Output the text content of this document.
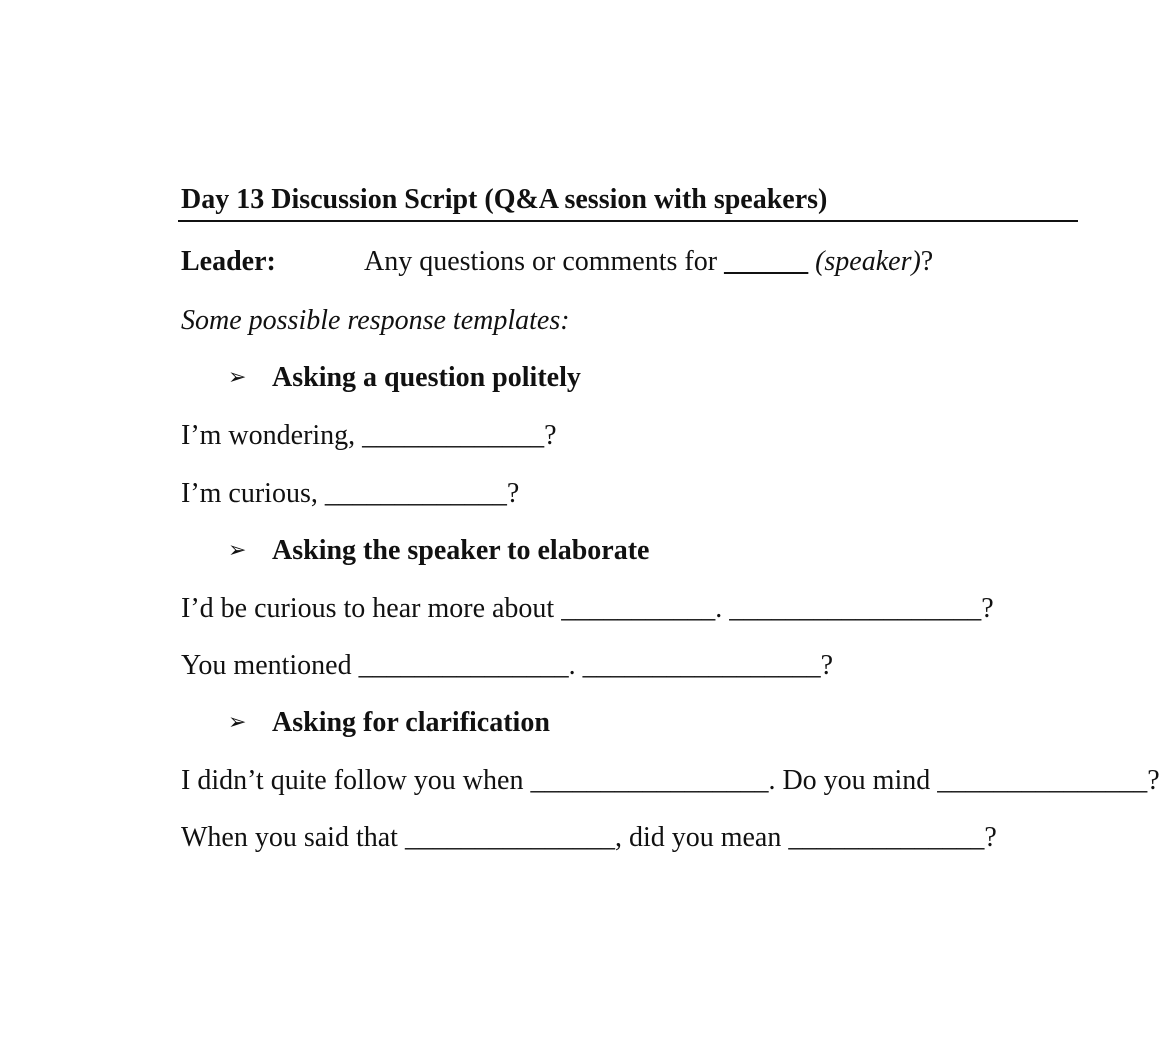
Day 13 Discussion Script (Q&A session with speakers)
Leader:	Any questions or comments for ______ (speaker)?
Some possible response templates:
➢ Asking a question politely
I’m wondering, _____________?
I’m curious, _____________?
➢ Asking the speaker to elaborate
I’d be curious to hear more about ___________. __________________?
You mentioned _______________. _________________?
➢ Asking for clarification
I didn’t quite follow you when _________________. Do you mind _______________?
When you said that _______________, did you mean ______________?
